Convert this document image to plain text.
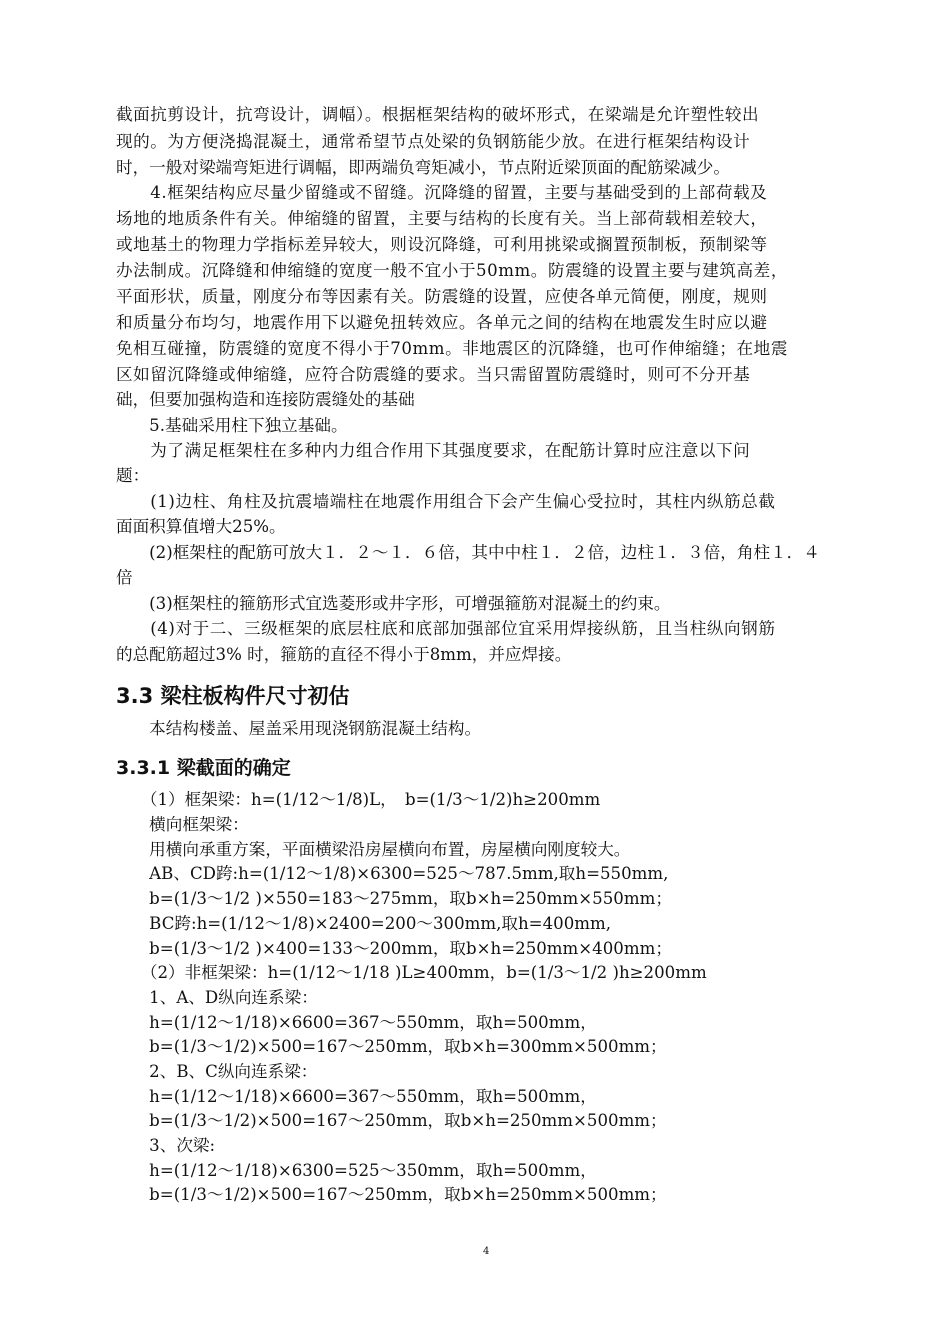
截面抗剪设计，抗弯设计，调幅）。根据框架结构的破坏形式，在梁端是允许塑性较出

现的。为方便浇捣混凝土，通常希望节点处梁的负钢筋能少放。在进行框架结构设计

时，一般对梁端弯矩进行调幅，即两端负弯矩减小，节点附近梁顶面的配筋梁减少。

　　4.框架结构应尽量少留缝或不留缝。沉降缝的留置，主要与基础受到的上部荷载及

场地的地质条件有关。伸缩缝的留置，主要与结构的长度有关。当上部荷载相差较大，

或地基土的物理力学指标差异较大，则设沉降缝，可利用挑梁或搁置预制板，预制梁等

办法制成。沉降缝和伸缩缝的宽度一般不宜小于50mm。防震缝的设置主要与建筑高差，

平面形状，质量，刚度分布等因素有关。防震缝的设置，应使各单元简便，刚度，规则

和质量分布均匀，地震作用下以避免扭转效应。各单元之间的结构在地震发生时应以避

免相互碰撞，防震缝的宽度不得小于70mm。非地震区的沉降缝，也可作伸缩缝；在地震

区如留沉降缝或伸缩缝，应符合防震缝的要求。当只需留置防震缝时，则可不分开基

础，但要加强构造和连接防震缝处的基础

　　5.基础采用柱下独立基础。

　　为了满足框架柱在多种内力组合作用下其强度要求，在配筋计算时应注意以下问

题：

　　(1)边柱、角柱及抗震墙端柱在地震作用组合下会产生偏心受拉时，其柱内纵筋总截

面面积算值增大25%。

　　(2)框架柱的配筋可放大１．２～１．６倍，其中中柱１．２倍，边柱１．３倍，角柱１．４

倍

　　(3)框架柱的箍筋形式宜选菱形或井字形，可增强箍筋对混凝土的约束。

　　(4)对于二、三级框架的底层柱底和底部加强部位宜采用焊接纵筋，且当柱纵向钢筋

的总配筋超过3% 时，箍筋的直径不得小于8mm，并应焊接。

3.3 梁柱板构件尺寸初估

　　本结构楼盖、屋盖采用现浇钢筋混凝土结构。

3.3.1 梁截面的确定

　　（1）框架梁：h=(1/12～1/8)L，　b=(1/3～1/2)h≥200mm

　　横向框架梁：

　　用横向承重方案，平面横梁沿房屋横向布置，房屋横向刚度较大。

　　AB、CD跨:h=(1/12～1/8)×6300=525～787.5mm,取h=550mm,

　　b=(1/3～1/2 )×550=183～275mm，取b×h=250mm×550mm；

　　BC跨:h=(1/12～1/8)×2400=200～300mm,取h=400mm,

　　b=(1/3～1/2 )×400=133～200mm，取b×h=250mm×400mm；

　　（2）非框架梁：h=(1/12～1/18 )L≥400mm，b=(1/3～1/2 )h≥200mm

　　1、A、D纵向连系梁：

　　h=(1/12～1/18)×6600=367～550mm，取h=500mm，

　　b=(1/3～1/2)×500=167～250mm，取b×h=300mm×500mm；

　　2、B、C纵向连系梁：

　　h=(1/12～1/18)×6600=367～550mm，取h=500mm，

　　b=(1/3～1/2)×500=167～250mm，取b×h=250mm×500mm；

　　3、次梁:

　　h=(1/12～1/18)×6300=525～350mm，取h=500mm，

　　b=(1/3～1/2)×500=167～250mm，取b×h=250mm×500mm；

4
